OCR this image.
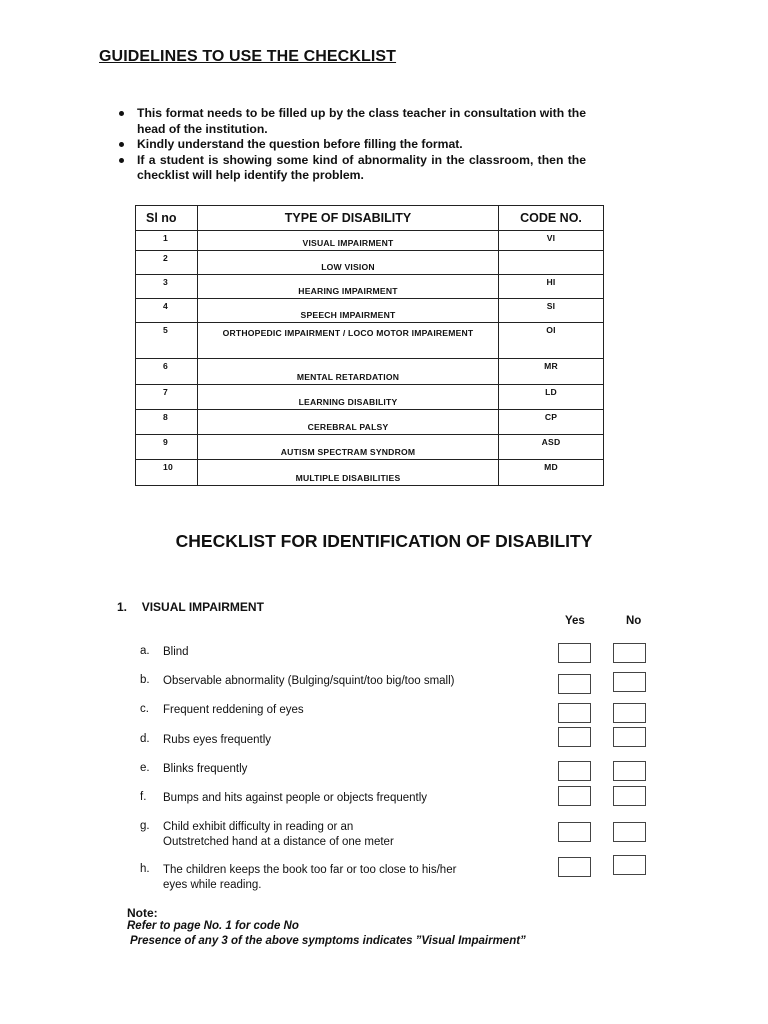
GUIDELINES TO USE THE CHECKLIST
This format needs to be filled up by the class teacher in consultation with the head of the institution.
Kindly understand the question before filling the format.
If a student is showing some kind of abnormality in the classroom, then the checklist will help identify the problem.
Sl no	TYPE OF DISABILITY	CODE NO.
1	VISUAL IMPAIRMENT	VI
2	LOW VISION	
3	HEARING IMPAIRMENT	HI
4	SPEECH IMPAIRMENT	SI
5	ORTHOPEDIC IMPAIRMENT / LOCO MOTOR IMPAIREMENT	OI
6	MENTAL RETARDATION	MR
7	LEARNING DISABILITY	LD
8	CEREBRAL PALSY	CP
9	AUTISM SPECTRAM SYNDROM	ASD
10	MULTIPLE DISABILITIES	MD
CHECKLIST FOR IDENTIFICATION OF DISABILITY
1. VISUAL IMPAIRMENT
Yes	No
a. Blind
b. Observable abnormality (Bulging/squint/too big/too small)
c. Frequent reddening of eyes
d. Rubs eyes frequently
e. Blinks frequently
f. Bumps and hits against people or objects frequently
g. Child exhibit difficulty in reading or an
Outstretched hand at a distance of one meter
h. The children keeps the book too far or too close to his/her
eyes while reading.
Note:
Refer to page No. 1 for code No
Presence of any 3 of the above symptoms indicates ”Visual Impairment”
